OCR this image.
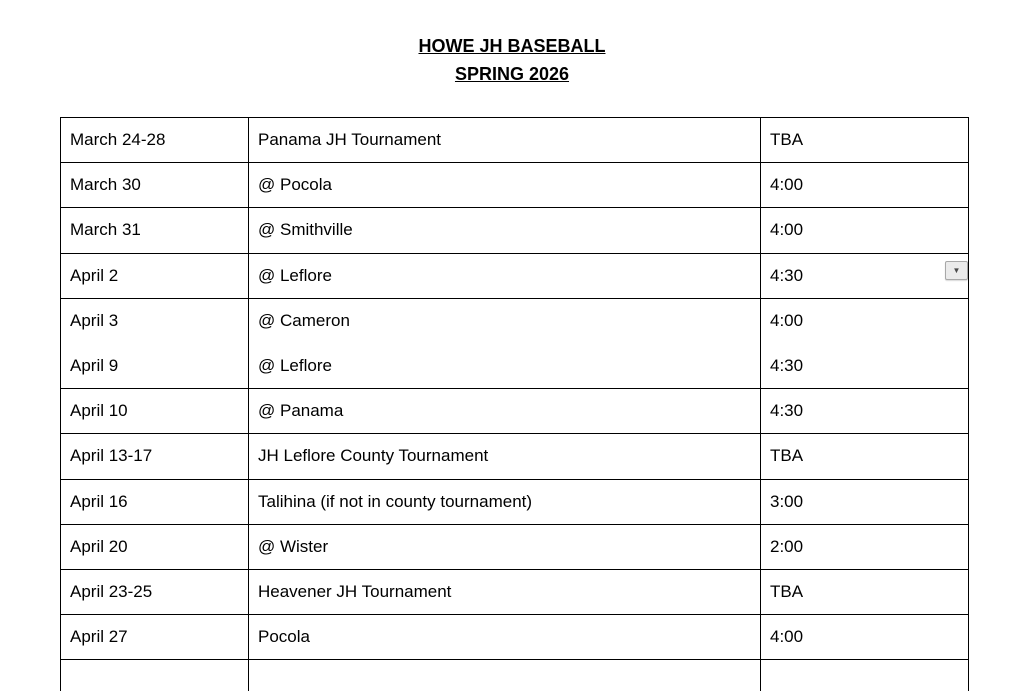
HOWE JH BASEBALL
SPRING 2026
March 24-28	Panama JH Tournament	TBA
March 30	@ Pocola	4:00
March 31	@ Smithville	4:00
April 2	@ Leflore	4:30
April 3	@ Cameron	4:00
April 9	@ Leflore	4:30
April 10	@ Panama	4:30
April 13-17	JH Leflore County Tournament	TBA
April 16	Talihina (if not in county tournament)	3:00
April 20	@ Wister	2:00
April 23-25	Heavener JH Tournament	TBA
April 27	Pocola	4:00

▼
